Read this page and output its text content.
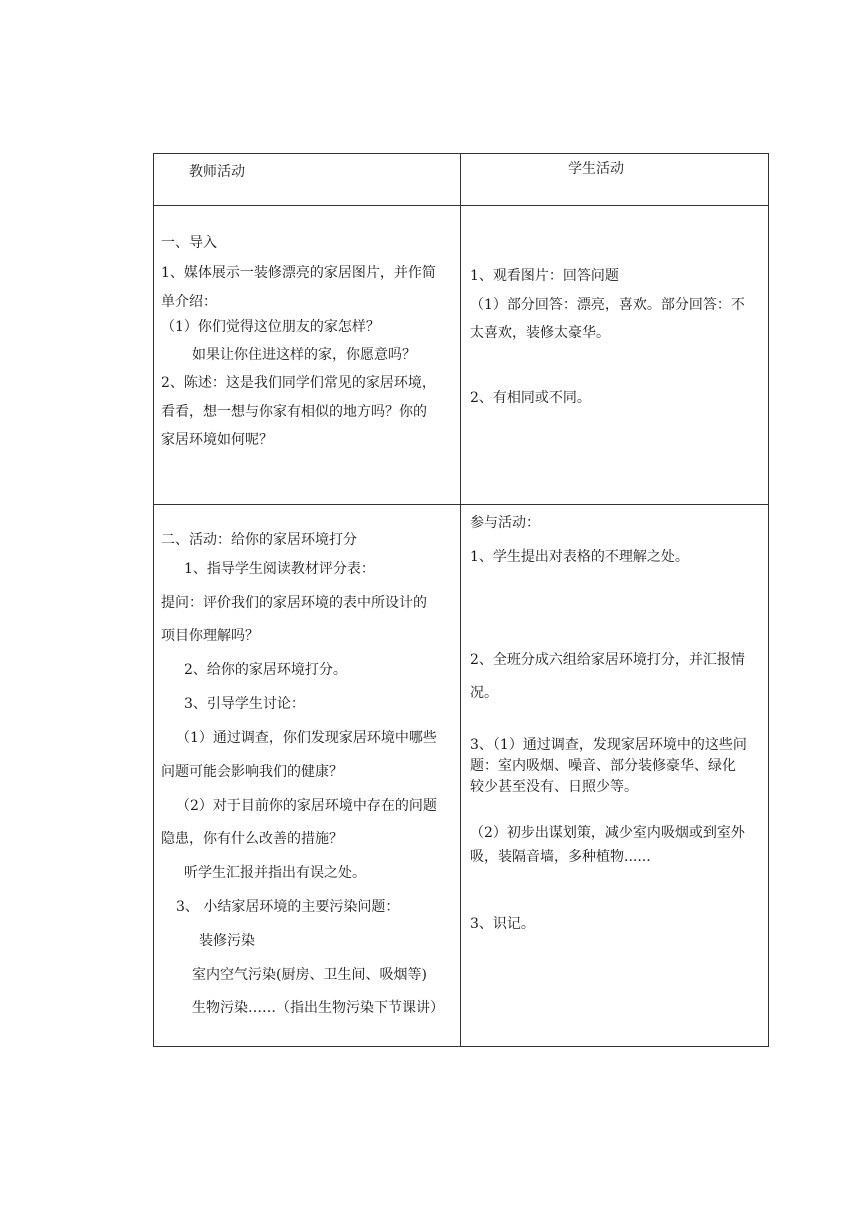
教师活动	学生活动
一、导入
1、媒体展示一装修漂亮的家居图片，并作简
单介绍：
（1）你们觉得这位朋友的家怎样？
如果让你住进这样的家，你愿意吗？
2、陈述：这是我们同学们常见的家居环境，
看看，想一想与你家有相似的地方吗？你的
家居环境如何呢？
1、观看图片：回答问题
（1）部分回答：漂亮，喜欢。部分回答：不
太喜欢，装修太豪华。
2、有相同或不同。
二、活动：给你的家居环境打分
1、指导学生阅读教材评分表：
提问：评价我们的家居环境的表中所设计的
项目你理解吗？
2、给你的家居环境打分。
3、引导学生讨论：
（1）通过调查，你们发现家居环境中哪些
问题可能会影响我们的健康？
（2）对于目前你的家居环境中存在的问题
隐患，你有什么改善的措施？
听学生汇报并指出有误之处。
3、 小结家居环境的主要污染问题：
装修污染
室内空气污染(厨房、卫生间、吸烟等)
生物污染……（指出生物污染下节课讲）
参与活动：
1、学生提出对表格的不理解之处。
2、全班分成六组给家居环境打分，并汇报情
况。
3、（1）通过调查，发现家居环境中的这些问
题：室内吸烟、噪音、部分装修豪华、绿化
较少甚至没有、日照少等。
（2）初步出谋划策，减少室内吸烟或到室外
吸，装隔音墙，多种植物......
3、识记。
